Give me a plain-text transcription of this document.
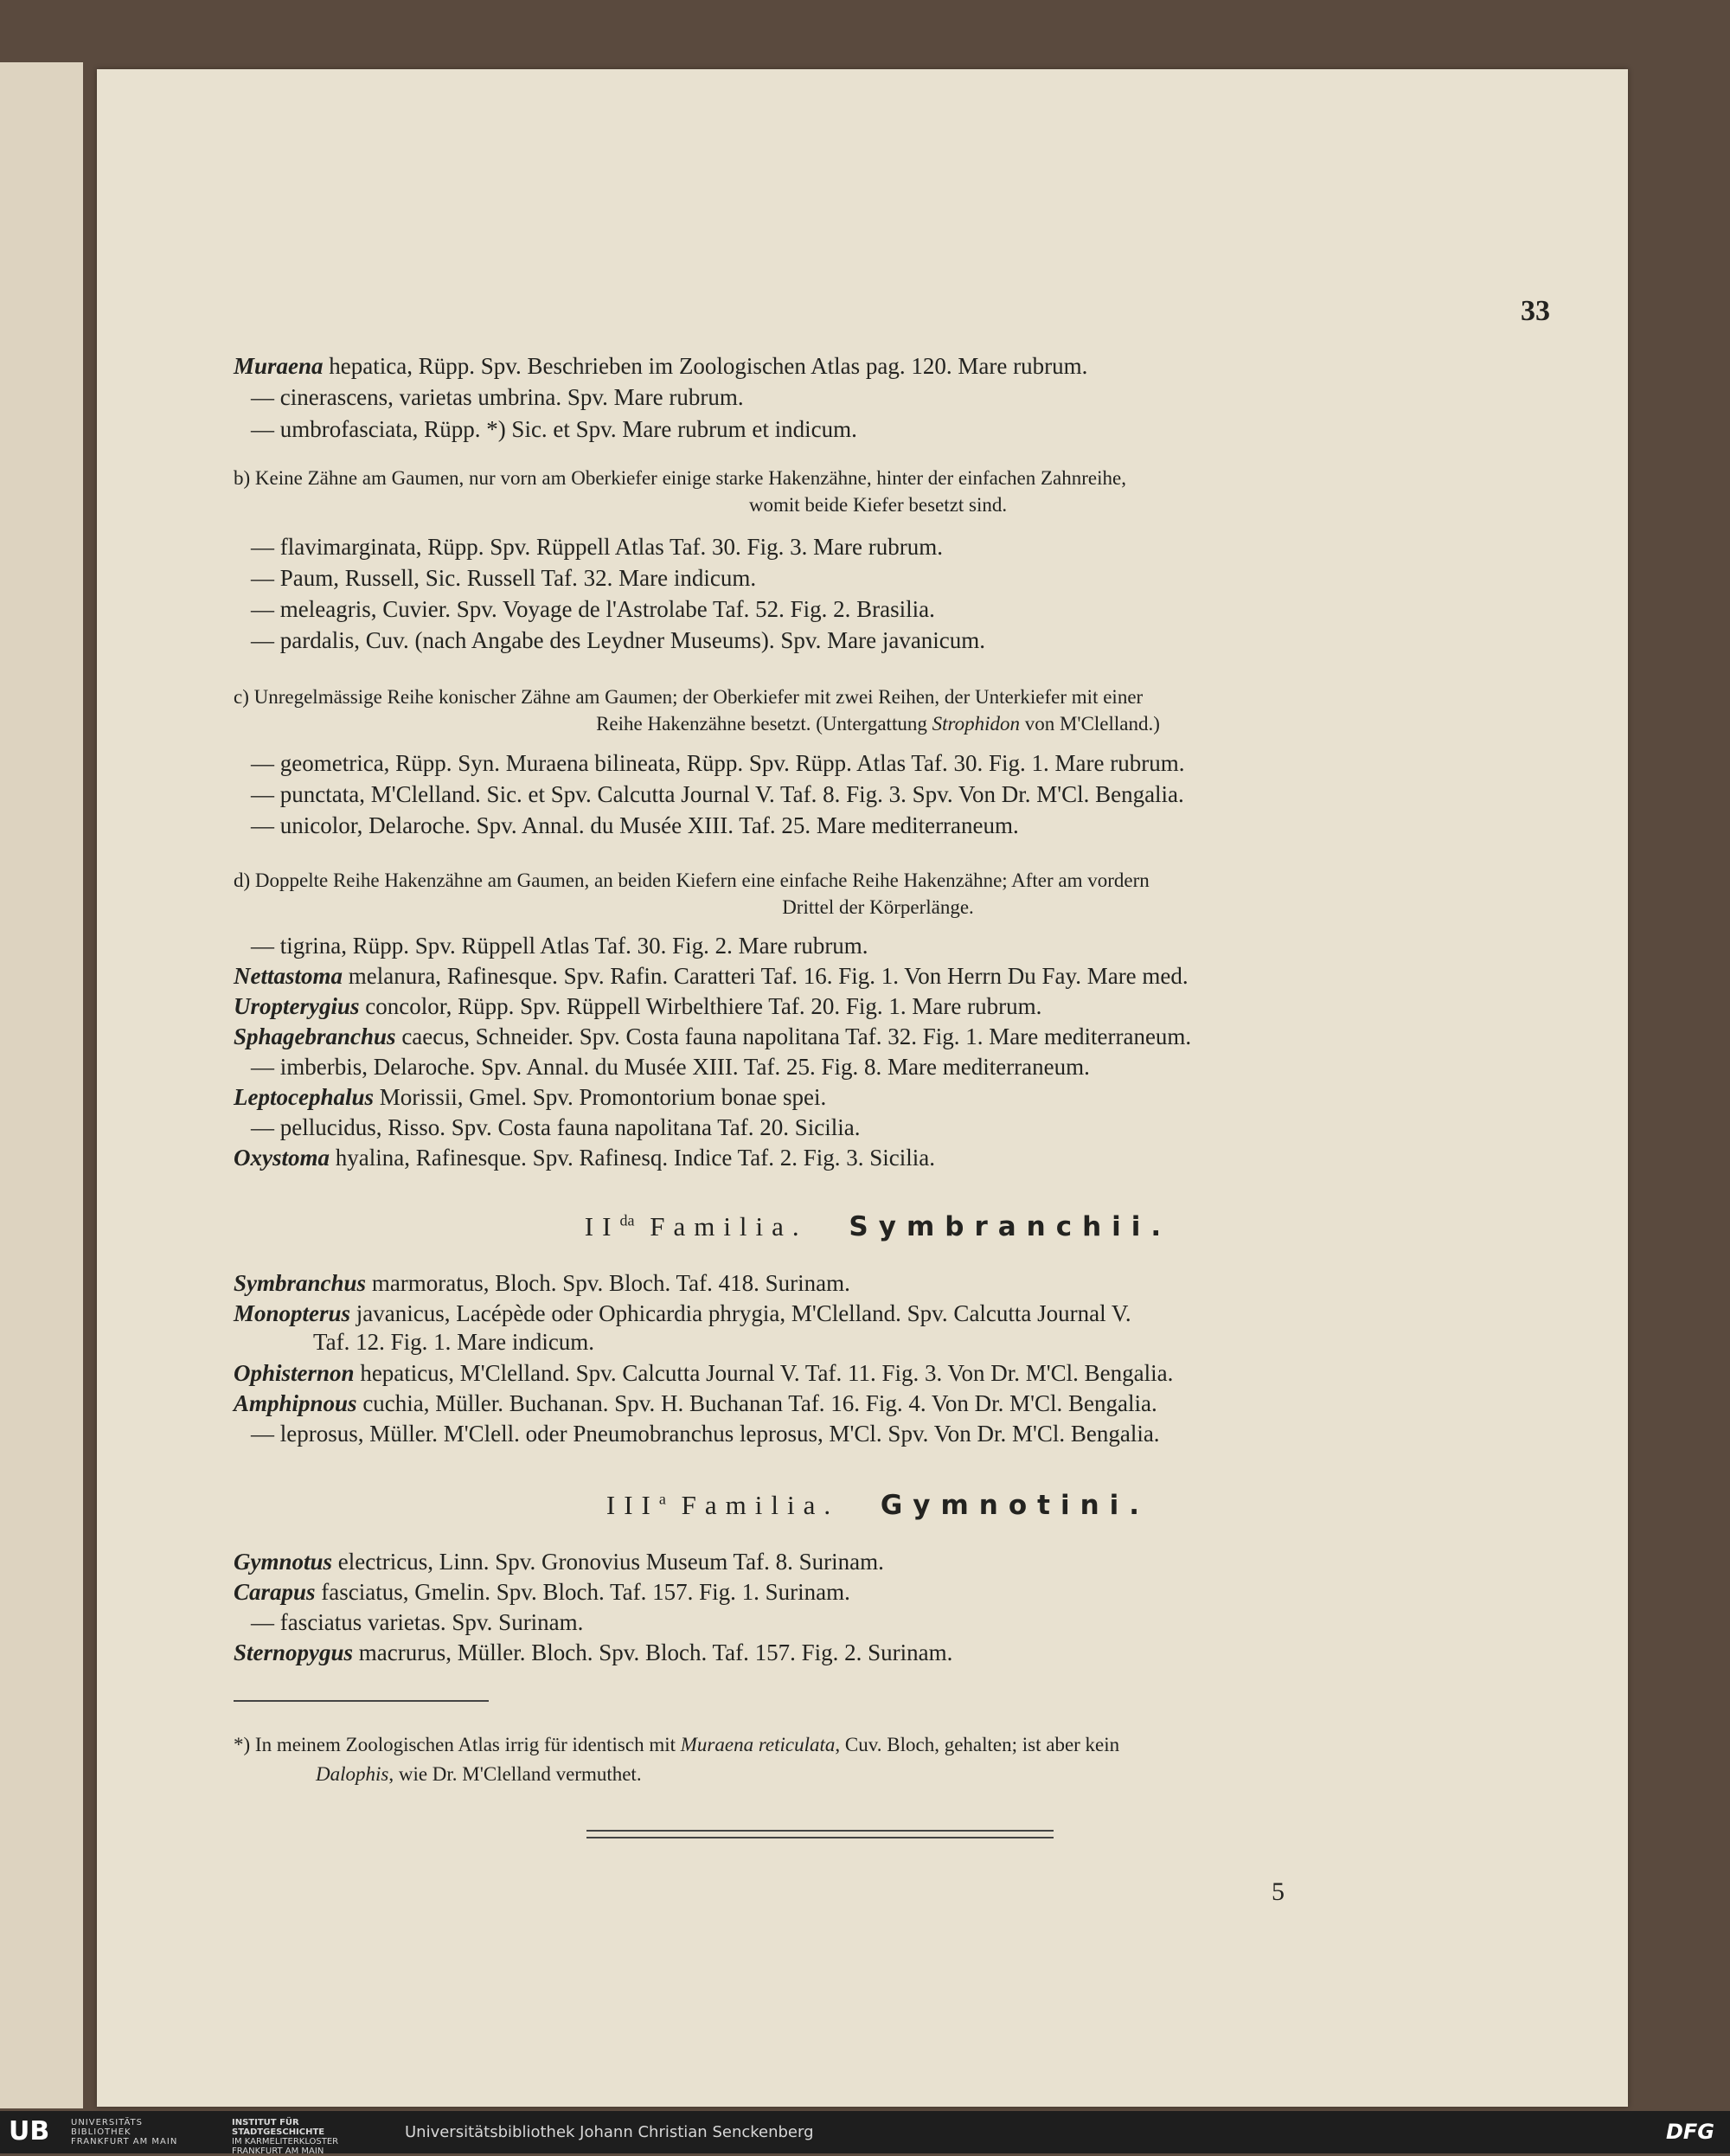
33
Muraena hepatica, Rüpp. Spv. Beschrieben im Zoologischen Atlas pag. 120. Mare rubrum.
— cinerascens, varietas umbrina. Spv. Mare rubrum.
— umbrofasciata, Rüpp. *) Sic. et Spv. Mare rubrum et indicum.
b) Keine Zähne am Gaumen, nur vorn am Oberkiefer einige starke Hakenzähne, hinter der einfachen Zahnreihe,
womit beide Kiefer besetzt sind.
— flavimarginata, Rüpp. Spv. Rüppell Atlas Taf. 30. Fig. 3. Mare rubrum.
— Paum, Russell, Sic. Russell Taf. 32. Mare indicum.
— meleagris, Cuvier. Spv. Voyage de l'Astrolabe Taf. 52. Fig. 2. Brasilia.
— pardalis, Cuv. (nach Angabe des Leydner Museums). Spv. Mare javanicum.
c) Unregelmässige Reihe konischer Zähne am Gaumen; der Oberkiefer mit zwei Reihen, der Unterkiefer mit einer
Reihe Hakenzähne besetzt. (Untergattung Strophidon von M'Clelland.)
— geometrica, Rüpp. Syn. Muraena bilineata, Rüpp. Spv. Rüpp. Atlas Taf. 30. Fig. 1. Mare rubrum.
— punctata, M'Clelland. Sic. et Spv. Calcutta Journal V. Taf. 8. Fig. 3. Spv. Von Dr. M'Cl. Bengalia.
— unicolor, Delaroche. Spv. Annal. du Musée XIII. Taf. 25. Mare mediterraneum.
d) Doppelte Reihe Hakenzähne am Gaumen, an beiden Kiefern eine einfache Reihe Hakenzähne; After am vordern
Drittel der Körperlänge.
— tigrina, Rüpp. Spv. Rüppell Atlas Taf. 30. Fig. 2. Mare rubrum.
Nettastoma melanura, Rafinesque. Spv. Rafin. Caratteri Taf. 16. Fig. 1. Von Herrn Du Fay. Mare med.
Uropterygius concolor, Rüpp. Spv. Rüppell Wirbelthiere Taf. 20. Fig. 1. Mare rubrum.
Sphagebranchus caecus, Schneider. Spv. Costa fauna napolitana Taf. 32. Fig. 1. Mare mediterraneum.
— imberbis, Delaroche. Spv. Annal. du Musée XIII. Taf. 25. Fig. 8. Mare mediterraneum.
Leptocephalus Morissii, Gmel. Spv. Promontorium bonae spei.
— pellucidus, Risso. Spv. Costa fauna napolitana Taf. 20. Sicilia.
Oxystoma hyalina, Rafinesque. Spv. Rafinesq. Indice Taf. 2. Fig. 3. Sicilia.
$II^{da}$ Familia. Symbranchii.
Symbranchus marmoratus, Bloch. Spv. Bloch. Taf. 418. Surinam.
Monopterus javanicus, Lacépède oder Ophicardia phrygia, M'Clelland. Spv. Calcutta Journal V.
Taf. 12. Fig. 1. Mare indicum.
Ophisternon hepaticus, M'Clelland. Spv. Calcutta Journal V. Taf. 11. Fig. 3. Von Dr. M'Cl. Bengalia.
Amphipnous cuchia, Müller. Buchanan. Spv. H. Buchanan Taf. 16. Fig. 4. Von Dr. M'Cl. Bengalia.
— leprosus, Müller. M'Clell. oder Pneumobranchus leprosus, M'Cl. Spv. Von Dr. M'Cl. Bengalia.
III$^a$ Familia. Gymnotini.
Gymnotus electricus, Linn. Spv. Gronovius Museum Taf. 8. Surinam.
Carapus fasciatus, Gmelin. Spv. Bloch. Taf. 157. Fig. 1. Surinam.
— fasciatus varietas. Spv. Surinam.
Sternopygus macrurus, Müller. Bloch. Spv. Bloch. Taf. 157. Fig. 2. Surinam.
*) In meinem Zoologischen Atlas irrig für identisch mit Muraena reticulata, Cuv. Bloch, gehalten; ist aber kein
Dalophis, wie Dr. M'Clelland vermuthet.
5
UB UNIVERSITÄTS
BIBLIOTHEK
FRANKFURT AM MAIN
INSTITUT FÜR
STADTGESCHICHTE
IM KARMELITERKLOSTER
FRANKFURT AM MAIN
Universitätsbibliothek Johann Christian Senckenberg	DFG
